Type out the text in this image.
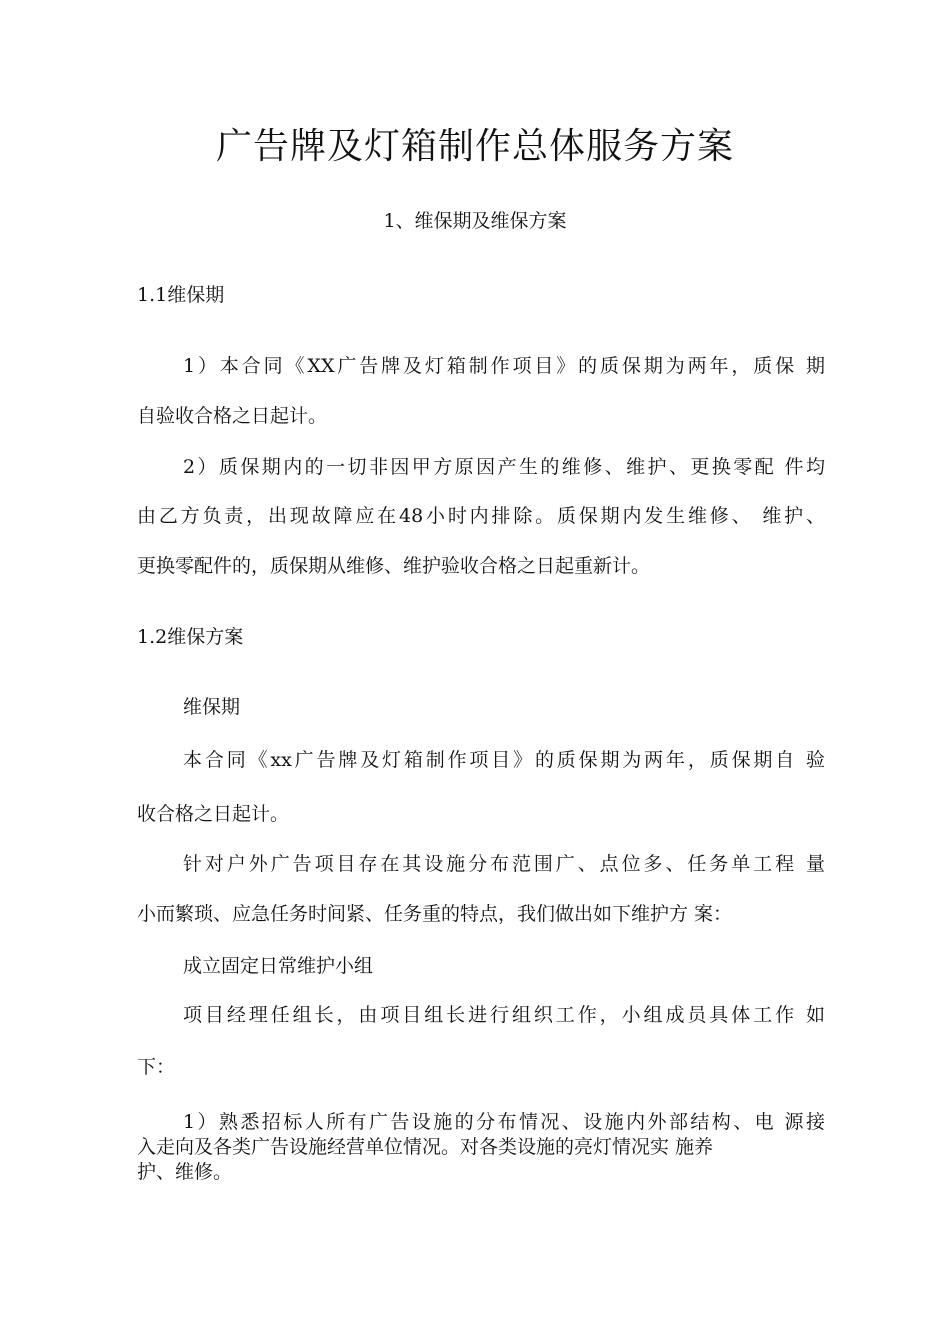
广告牌及灯箱制作总体服务方案
1、维保期及维保方案
1.1维保期
1）本合同《XX广告牌及灯箱制作项目》的质保期为两年，质保 期
自验收合格之日起计。
2）质保期内的一切非因甲方原因产生的维修、维护、更换零配 件均
由乙方负责，出现故障应在48小时内排除。质保期内发生维修、 维护、
更换零配件的，质保期从维修、维护验收合格之日起重新计。
1.2维保方案
维保期
本合同《xx广告牌及灯箱制作项目》的质保期为两年，质保期自 验
收合格之日起计。
针对户外广告项目存在其设施分布范围广、点位多、任务单工程 量
小而繁琐、应急任务时间紧、任务重的特点，我们做出如下维护方 案：
成立固定日常维护小组
项目经理任组长，由项目组长进行组织工作，小组成员具体工作 如
下：
1）熟悉招标人所有广告设施的分布情况、设施内外部结构、电 源接
入走向及各类广告设施经营单位情况。对各类设施的亮灯情况实 施养
护、维修。
